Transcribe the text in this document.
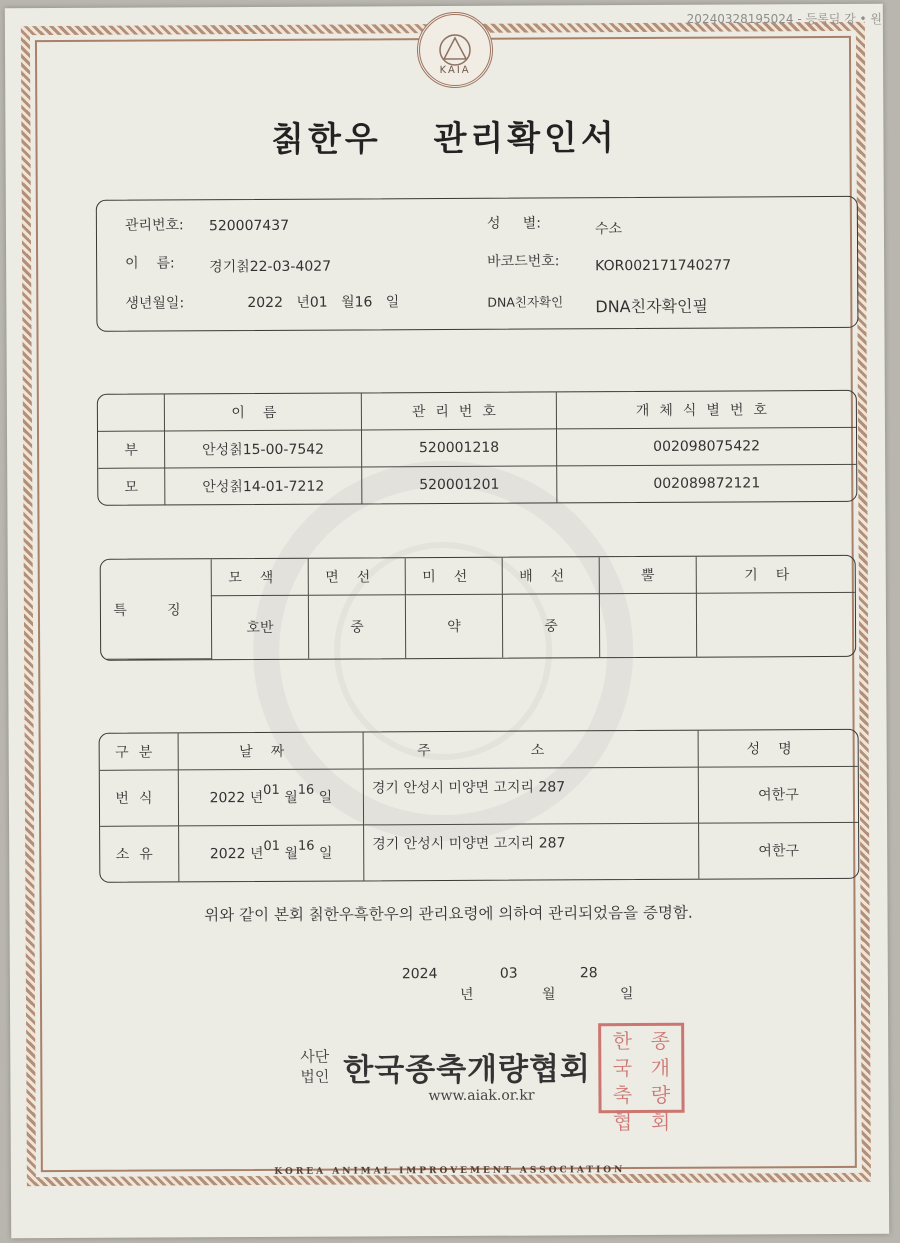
KAIA
칡한우 관리확인서
관리번호: 520007437
이    름: 경기칡22-03-4027
생년월일:	2022 년01 월16 일
성     별:	수소
바코드번호:	KOR002171740277
DNA친자확인 DNA친자확인필
	이름	관리번호	개체식별번호
부	안성칡15-00-7542	520001218	002098075422
모	안성칡14-01-7212	520001201	002089872121
특 징	모색	면선	미선	배선	뿔	기타
	호반	중	약	중		
구분	날짜	주소	성명
번식	2022 년01 월16 일	경기 안성시 미양면 고지리 287	여한구
소유	2022 년01 월16 일	경기 안성시 미양면 고지리 287	여한구
위와 같이 본회 칡한우흑한우의 관리요령에 의하여 관리되었음을 증명함.
2024
년
03
월
28
일
사단
법인 한국종축개량협회
www.aiak.or.kr
한 종
국 개
축 량
협 회
KOREA ANIMAL IMPROVEMENT ASSOCIATION
20240328195024 - 등록딤 강 • 원
